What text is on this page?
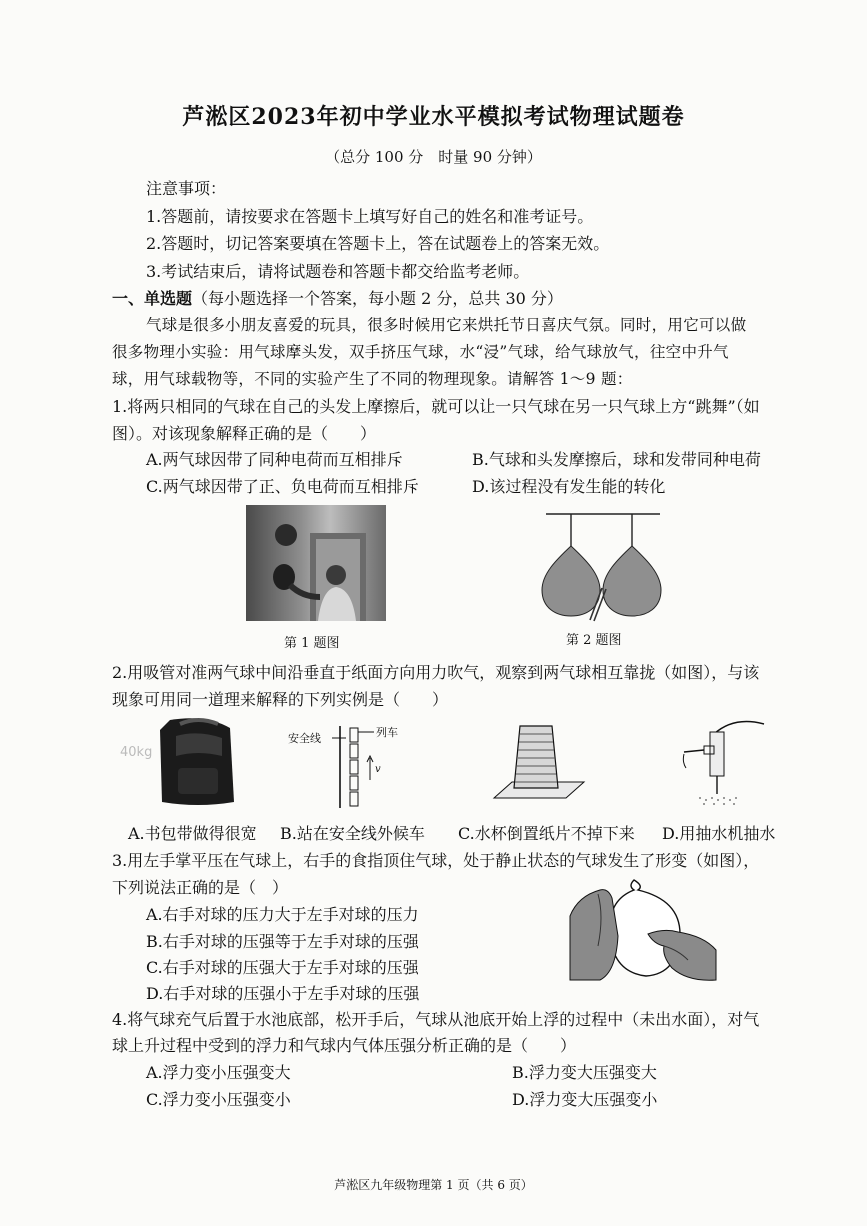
芦淞区2023年初中学业水平模拟考试物理试题卷
（总分 100 分　时量 90 分钟）
注意事项：
1.答题前，请按要求在答题卡上填写好自己的姓名和准考证号。
2.答题时，切记答案要填在答题卡上，答在试题卷上的答案无效。
3.考试结束后，请将试题卷和答题卡都交给监考老师。
一、单选题（每小题选择一个答案，每小题 2 分，总共 30 分）
气球是很多小朋友喜爱的玩具，很多时候用它来烘托节日喜庆气氛。同时，用它可以做
很多物理小实验：用气球摩头发，双手挤压气球，水“浸”气球，给气球放气，往空中升气
球，用气球载物等，不同的实验产生了不同的物理现象。请解答 1～9 题：
1.将两只相同的气球在自己的头发上摩擦后，就可以让一只气球在另一只气球上方“跳舞”（如
图）。对该现象解释正确的是（　　）
A.两气球因带了同种电荷而互相排斥	B.气球和头发摩擦后，球和发带同种电荷
C.两气球因带了正、负电荷而互相排斥	D.该过程没有发生能的转化
第 1 题图	第 2 题图
2.用吸管对准两气球中间沿垂直于纸面方向用力吹气，观察到两气球相互靠拢（如图），与该
现象可用同一道理来解释的下列实例是（　　）
40kg
安全线	列车
v
A.书包带做得很宽 B.站在安全线外候车 C.水杯倒置纸片不掉下来 D.用抽水机抽水
3.用左手掌平压在气球上，右手的食指顶住气球，处于静止状态的气球发生了形变（如图），
下列说法正确的是（　）
A.右手对球的压力大于左手对球的压力
B.右手对球的压强等于左手对球的压强
C.右手对球的压强大于左手对球的压强
D.右手对球的压强小于左手对球的压强
4.将气球充气后置于水池底部，松开手后，气球从池底开始上浮的过程中（未出水面），对气
球上升过程中受到的浮力和气球内气体压强分析正确的是（　　）
A.浮力变小压强变大	B.浮力变大压强变大
C.浮力变小压强变小	D.浮力变大压强变小
芦淞区九年级物理第 1 页（共 6 页）
